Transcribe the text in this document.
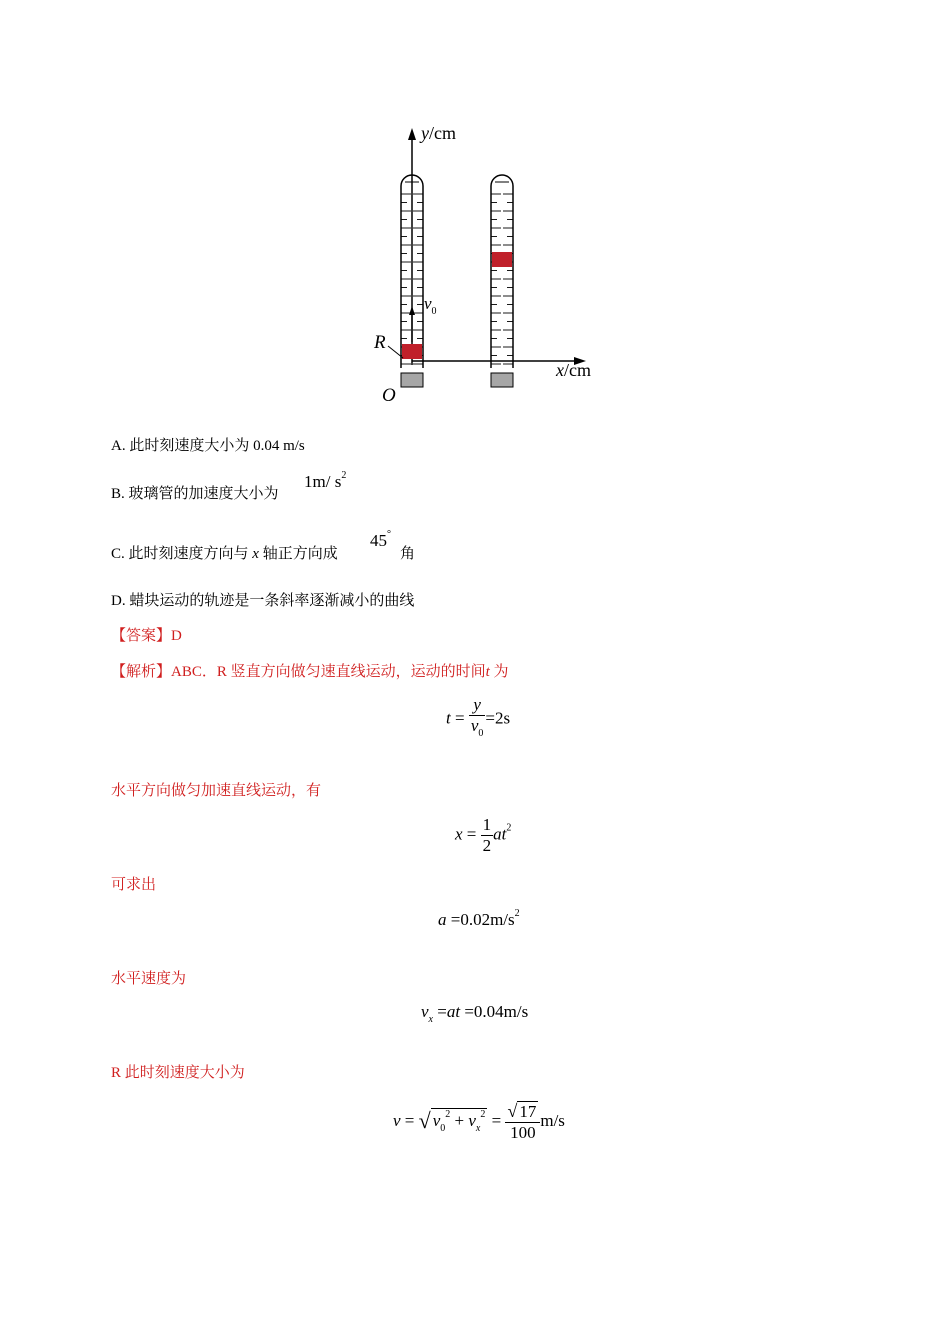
y/cm
x/cm
O
R
$v_0$
A. 此时刻速度大小为 0.04 m/s
B. 玻璃管的加速度大小为
1m/ $s^2$
C. 此时刻速度方向与 x 轴正方向成
45°
角
D. 蜡块运动的轨迹是一条斜率逐渐减小的曲线
【答案】D
【解析】ABC．R 竖直方向做匀速直线运动，运动的时间t 为
$t = \frac{y}{v_0} =2s$
水平方向做匀加速直线运动，有
$x = \frac{1}{2} at^2$
可求出
$a =0.02m/s^2$
水平速度为
$v_x =at =0.04m/s$
R 此时刻速度大小为
v = √ $v_0^2 + v_x^2 = \frac{√ 17}{100} m/s$
